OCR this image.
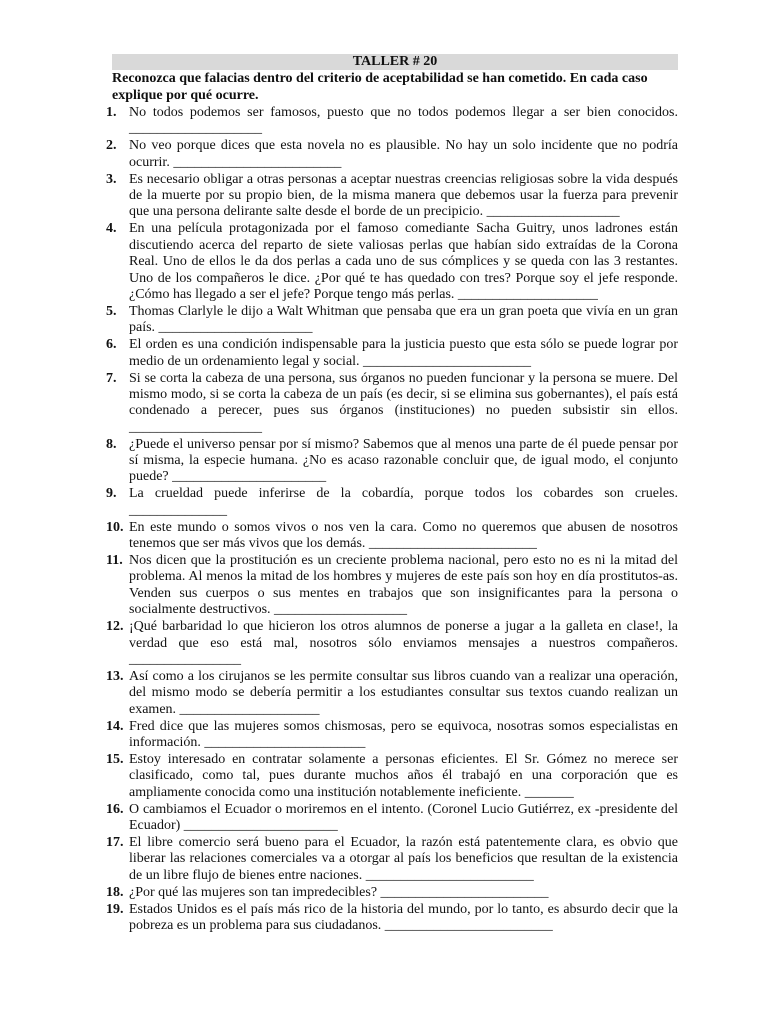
TALLER # 20
Reconozca que falacias dentro del criterio de aceptabilidad se han cometido. En cada caso explique por qué ocurre.
1. No todos podemos ser famosos, puesto que no todos podemos llegar a ser bien conocidos. ___________________
2. No veo porque dices que esta novela no es plausible. No hay un solo incidente que no podría ocurrir. ________________________
3. Es necesario obligar a otras personas a aceptar nuestras creencias religiosas sobre la vida después de la muerte por su propio bien, de la misma manera que debemos usar la fuerza para prevenir que una persona delirante salte desde el borde de un precipicio. ___________________
4. En una película protagonizada por el famoso comediante Sacha Guitry, unos ladrones están discutiendo acerca del reparto de siete valiosas perlas que habían sido extraídas de la Corona Real. Uno de ellos le da dos perlas a cada uno de sus cómplices y se queda con las 3 restantes. Uno de los compañeros le dice. ¿Por qué te has quedado con tres? Porque soy el jefe responde. ¿Cómo has llegado a ser el jefe? Porque tengo más perlas. ____________________
5. Thomas Clarlyle le dijo a Walt Whitman que pensaba que era un gran poeta que vivía en un gran país. ______________________
6. El orden es una condición indispensable para la justicia puesto que esta sólo se puede lograr por medio de un ordenamiento legal y social. ________________________
7. Si se corta la cabeza de una persona, sus órganos no pueden funcionar y la persona se muere. Del mismo modo, si se corta la cabeza de un país (es decir, si se elimina sus gobernantes), el país está condenado a perecer, pues sus órganos (instituciones) no pueden subsistir sin ellos. ___________________
8. ¿Puede el universo pensar por sí mismo? Sabemos que al menos una parte de él puede pensar por sí misma, la especie humana. ¿No es acaso razonable concluir que, de igual modo, el conjunto puede? ______________________
9. La crueldad puede inferirse de la cobardía, porque todos los cobardes son crueles. ______________
10. En este mundo o somos vivos o nos ven la cara. Como no queremos que abusen de nosotros tenemos que ser más vivos que los demás. ________________________
11. Nos dicen que la prostitución es un creciente problema nacional, pero esto no es ni la mitad del problema. Al menos la mitad de los hombres y mujeres de este país son hoy en día prostitutos-as. Venden sus cuerpos o sus mentes en trabajos que son insignificantes para la persona o socialmente destructivos. ___________________
12. ¡Qué barbaridad lo que hicieron los otros alumnos de ponerse a jugar a la galleta en clase!, la verdad que eso está mal, nosotros sólo enviamos mensajes a nuestros compañeros. ________________
13. Así como a los cirujanos se les permite consultar sus libros cuando van a realizar una operación, del mismo modo se debería permitir a los estudiantes consultar sus textos cuando realizan un examen. ____________________
14. Fred dice que las mujeres somos chismosas, pero se equivoca, nosotras somos especialistas en información. _______________________
15. Estoy interesado en contratar solamente a personas eficientes. El Sr. Gómez no merece ser clasificado, como tal, pues durante muchos años él trabajó en una corporación que es ampliamente conocida como una institución notablemente ineficiente. _______
16. O cambiamos el Ecuador o moriremos en el intento. (Coronel Lucio Gutiérrez, ex -presidente del Ecuador) ______________________
17. El libre comercio será bueno para el Ecuador, la razón está patentemente clara, es obvio que liberar las relaciones comerciales va a otorgar al país los beneficios que resultan de la existencia de un libre flujo de bienes entre naciones. ________________________
18. ¿Por qué las mujeres son tan impredecibles? ________________________
19. Estados Unidos es el país más rico de la historia del mundo, por lo tanto, es absurdo decir que la pobreza es un problema para sus ciudadanos. ________________________
